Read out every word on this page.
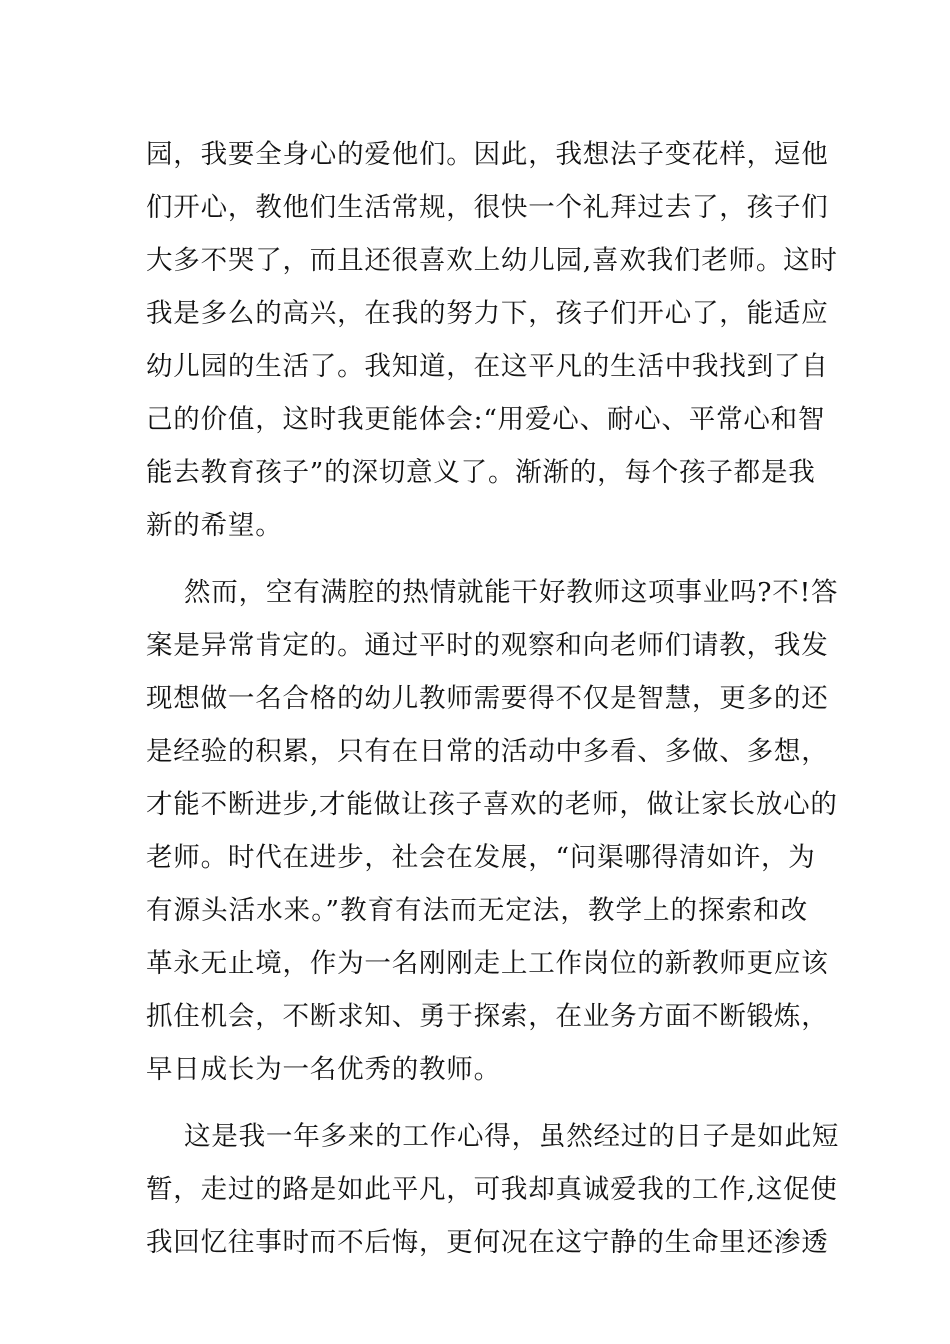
园，我要全身心的爱他们。因此，我想法子变花样，逗他
们开心，教他们生活常规，很快一个礼拜过去了，孩子们
大多不哭了，而且还很喜欢上幼儿园,喜欢我们老师。这时
我是多么的高兴，在我的努力下，孩子们开心了，能适应
幼儿园的生活了。我知道，在这平凡的生活中我找到了自
己的价值，这时我更能体会:“用爱心、耐心、平常心和智
能去教育孩子”的深切意义了。渐渐的，每个孩子都是我
新的希望。
然而，空有满腔的热情就能干好教师这项事业吗?不!答
案是异常肯定的。通过平时的观察和向老师们请教，我发
现想做一名合格的幼儿教师需要得不仅是智慧，更多的还
是经验的积累，只有在日常的活动中多看、多做、多想，
才能不断进步,才能做让孩子喜欢的老师，做让家长放心的
老师。时代在进步，社会在发展，“问渠哪得清如许，为
有源头活水来。”教育有法而无定法，教学上的探索和改
革永无止境，作为一名刚刚走上工作岗位的新教师更应该
抓住机会，不断求知、勇于探索，在业务方面不断锻炼，
早日成长为一名优秀的教师。
这是我一年多来的工作心得，虽然经过的日子是如此短
暂，走过的路是如此平凡，可我却真诚爱我的工作,这促使
我回忆往事时而不后悔，更何况在这宁静的生命里还渗透
